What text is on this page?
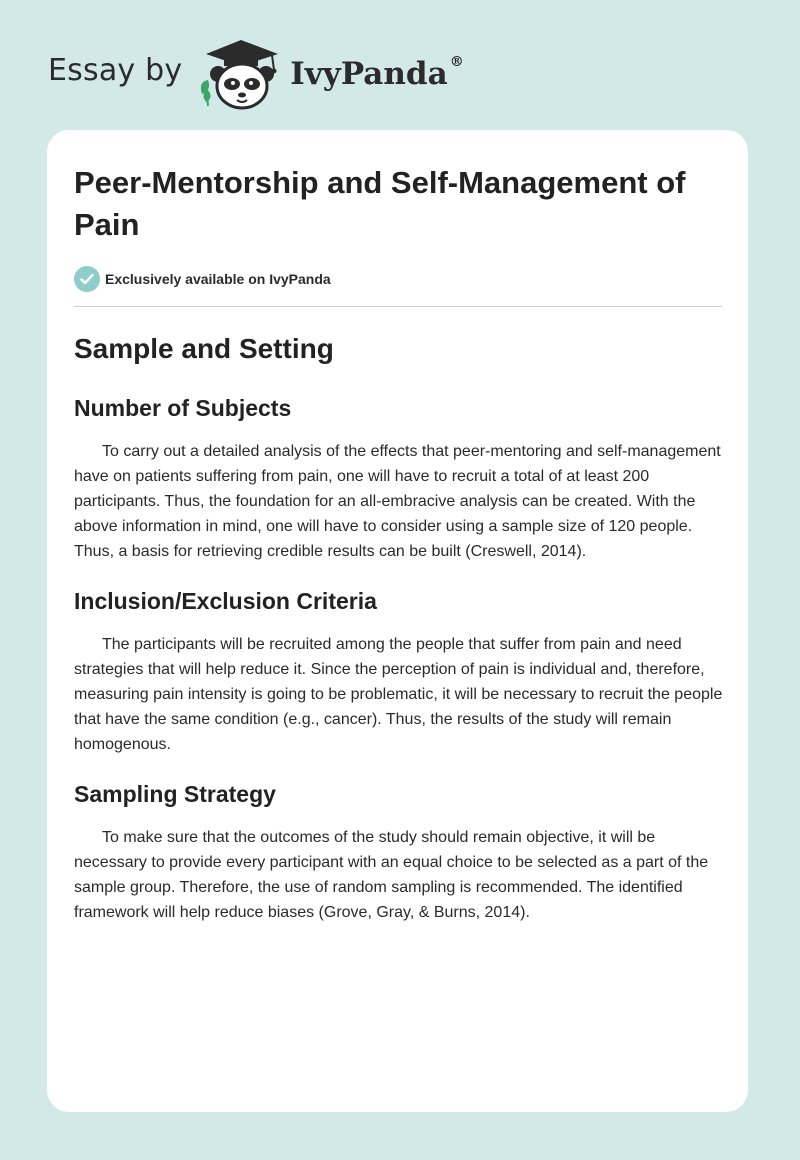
Essay by	IvyPanda ®
Peer-Mentorship and Self-Management of Pain
Exclusively available on IvyPanda
Sample and Setting
Number of Subjects

To carry out a detailed analysis of the effects that peer-mentoring and self-management have on patients suffering from pain, one will have to recruit a total of at least 200 participants. Thus, the foundation for an all-embracive analysis can be created. With the above information in mind, one will have to consider using a sample size of 120 people. Thus, a basis for retrieving credible results can be built (Creswell, 2014).

Inclusion/Exclusion Criteria

The participants will be recruited among the people that suffer from pain and need strategies that will help reduce it. Since the perception of pain is individual and, therefore, measuring pain intensity is going to be problematic, it will be necessary to recruit the people that have the same condition (e.g., cancer). Thus, the results of the study will remain homogenous.

Sampling Strategy

To make sure that the outcomes of the study should remain objective, it will be necessary to provide every participant with an equal choice to be selected as a part of the sample group. Therefore, the use of random sampling is recommended. The identified framework will help reduce biases (Grove, Gray, & Burns, 2014).
